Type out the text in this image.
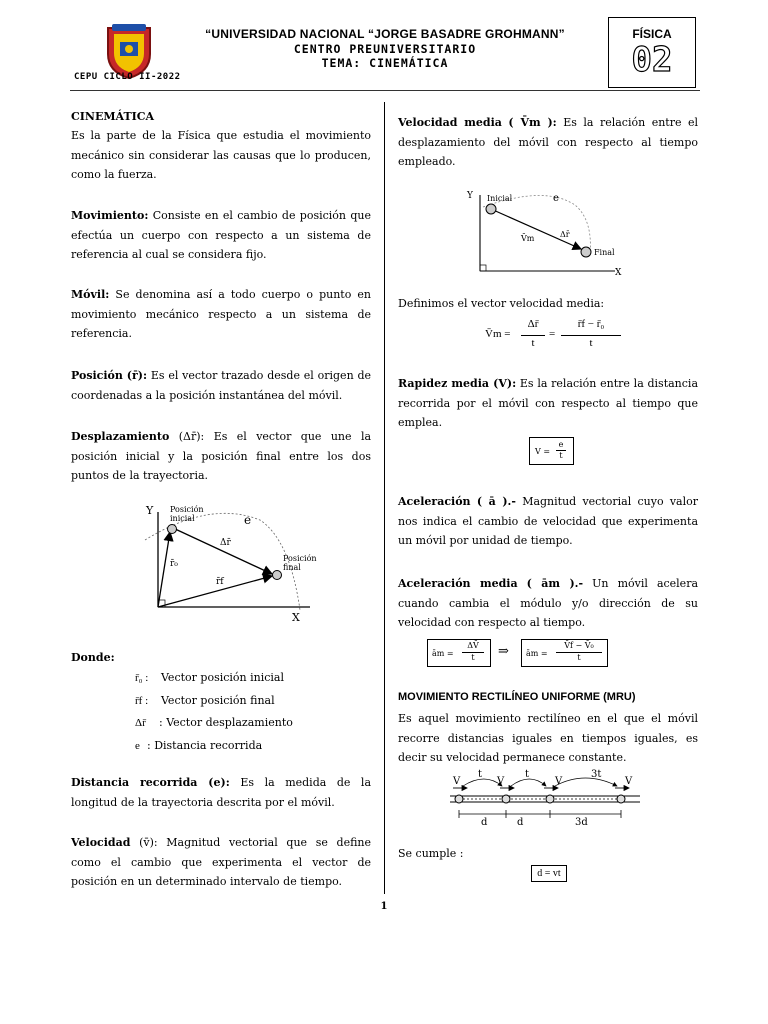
CEPU CICLO II-2022
“UNIVERSIDAD NACIONAL “JORGE BASADRE GROHMANN”
CENTRO PREUNIVERSITARIO
TEMA: CINEMÁTICA
FÍSICA
02
CINEMÁTICA
Es la parte de la Física que estudia el movimiento mecánico sin considerar las causas que lo producen, como la fuerza.
Movimiento: Consiste en el cambio de posición que efectúa un cuerpo con respecto a un sistema de referencia al cual se considera fijo.
Móvil: Se denomina así a todo cuerpo o punto en movimiento mecánico respecto a un sistema de referencia.
Posición (r̄): Es el vector trazado desde el origen de coordenadas a la posición instantánea del móvil.
Desplazamiento (Δr̄): Es el vector que une la posición inicial y la posición final entre los dos puntos de la trayectoria.
Y
X
Posición
inicial
Posición
final
e
Δr̄
r̄₀
r̄f
Donde:
r̄₀ : Vector posición inicial
r̄f : Vector posición final
Δr̄ : Vector desplazamiento
e : Distancia recorrida
Distancia recorrida (e): Es la medida de la longitud de la trayectoria descrita por el móvil.
Velocidad (v̄): Magnitud vectorial que se define como el cambio que experimenta el vector de posición en un determinado intervalo de tiempo.
Velocidad media ( V̄m ): Es la relación entre el desplazamiento del móvil con respecto al tiempo empleado.
Y
X
Inicial
Final
e
Δr̄
V̄m
Definimos el vector velocidad media:
V̄m =
Δr̄
t
=
r̄f − r̄₀
t
Rapidez media (V): Es la relación entre la distancia recorrida por el móvil con respecto al tiempo que emplea.
V =
e
t
Aceleración ( ā ).- Magnitud vectorial cuyo valor nos indica el cambio de velocidad que experimenta un móvil por unidad de tiempo.
Aceleración media ( ām ).- Un móvil acelera cuando cambia el módulo y/o dirección de su velocidad con respecto al tiempo.
ām =
ΔV̄
t	⇒ ām =
V̄f − V̄₀
t
MOVIMIENTO RECTILÍNEO UNIFORME (MRU)
Es aquel movimiento rectilíneo en el que el móvil recorre distancias iguales en tiempos iguales, es decir su velocidad permanece constante.
V	V	V	V
t	t	3t
d	d	3d
Se cumple :
d = vt
1
